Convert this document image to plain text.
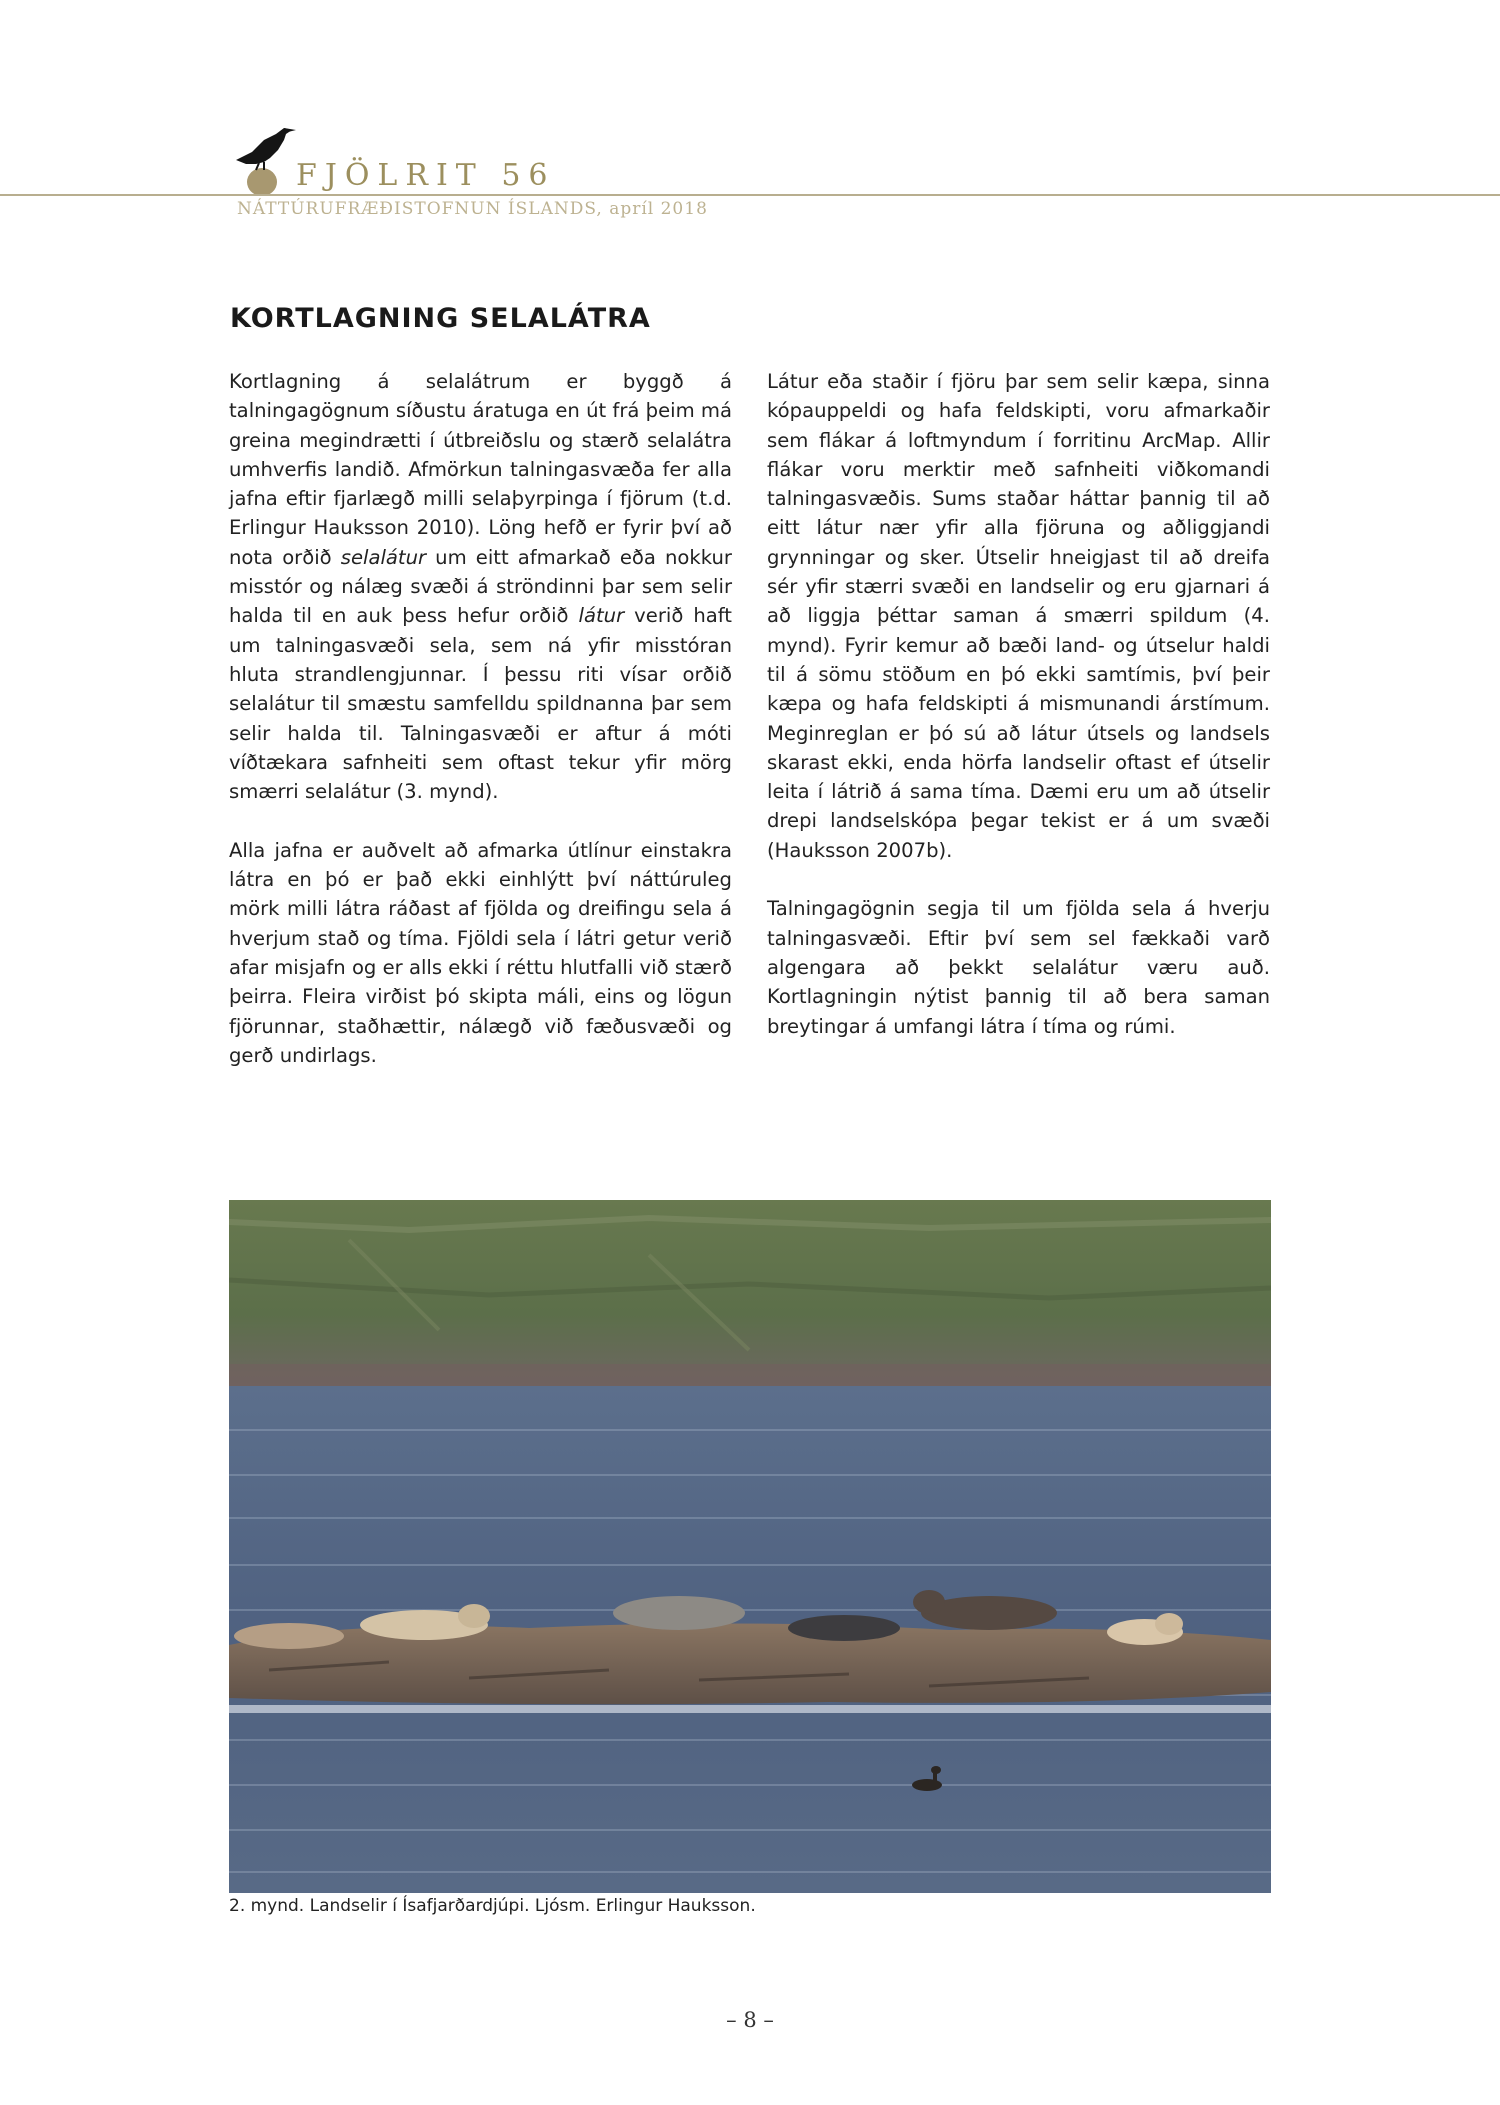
FJÖLRIT 56
NÁTTÚRUFRÆÐISTOFNUN ÍSLANDS, apríl 2018
KORTLAGNING SELALÁTRA

Kortlagning á selalátrum er byggð á talningagögnum síðustu áratuga en út frá þeim má greina megindrætti í útbreiðslu og stærð selalátra umhverfis landið. Afmörkun talningasvæða fer alla jafna eftir fjarlægð milli selaþyrpinga í fjörum (t.d. Erlingur Hauksson 2010). Löng hefð er fyrir því að nota orðið selalátur um eitt afmarkað eða nokkur misstór og nálæg svæði á ströndinni þar sem selir halda til en auk þess hefur orðið látur verið haft um talningasvæði sela, sem ná yfir misstóran hluta strandlengjunnar. Í þessu riti vísar orðið selalátur til smæstu samfelldu spildnanna þar sem selir halda til. Talningasvæði er aftur á móti víðtækara safnheiti sem oftast tekur yfir mörg smærri selalátur (3. mynd).

Alla jafna er auðvelt að afmarka útlínur einstakra látra en þó er það ekki einhlýtt því náttúruleg mörk milli látra ráðast af fjölda og dreifingu sela á hverjum stað og tíma. Fjöldi sela í látri getur verið afar misjafn og er alls ekki í réttu hlutfalli við stærð þeirra. Fleira virðist þó skipta máli, eins og lögun fjörunnar, staðhættir, nálægð við fæðusvæði og gerð undirlags.

Látur eða staðir í fjöru þar sem selir kæpa, sinna kópauppeldi og hafa feldskipti, voru afmarkaðir sem flákar á loftmyndum í forritinu ArcMap. Allir flákar voru merktir með safnheiti viðkomandi talningasvæðis. Sums staðar háttar þannig til að eitt látur nær yfir alla fjöruna og aðliggjandi grynningar og sker. Útselir hneigjast til að dreifa sér yfir stærri svæði en landselir og eru gjarnari á að liggja þéttar saman á smærri spildum (4. mynd). Fyrir kemur að bæði land- og útselur haldi til á sömu stöðum en þó ekki samtímis, því þeir kæpa og hafa feldskipti á mismunandi árstímum. Meginreglan er þó sú að látur útsels og landsels skarast ekki, enda hörfa landselir oftast ef útselir leita í látrið á sama tíma. Dæmi eru um að útselir drepi landselskópa þegar tekist er á um svæði (Hauksson 2007b).

Talningagögnin segja til um fjölda sela á hverju talningasvæði. Eftir því sem sel fækkaði varð algengara að þekkt selalátur væru auð. Kortlagningin nýtist þannig til að bera saman breytingar á umfangi látra í tíma og rúmi.

2. mynd. Landselir í Ísafjarðardjúpi. Ljósm. Erlingur Hauksson.
– 8 –
